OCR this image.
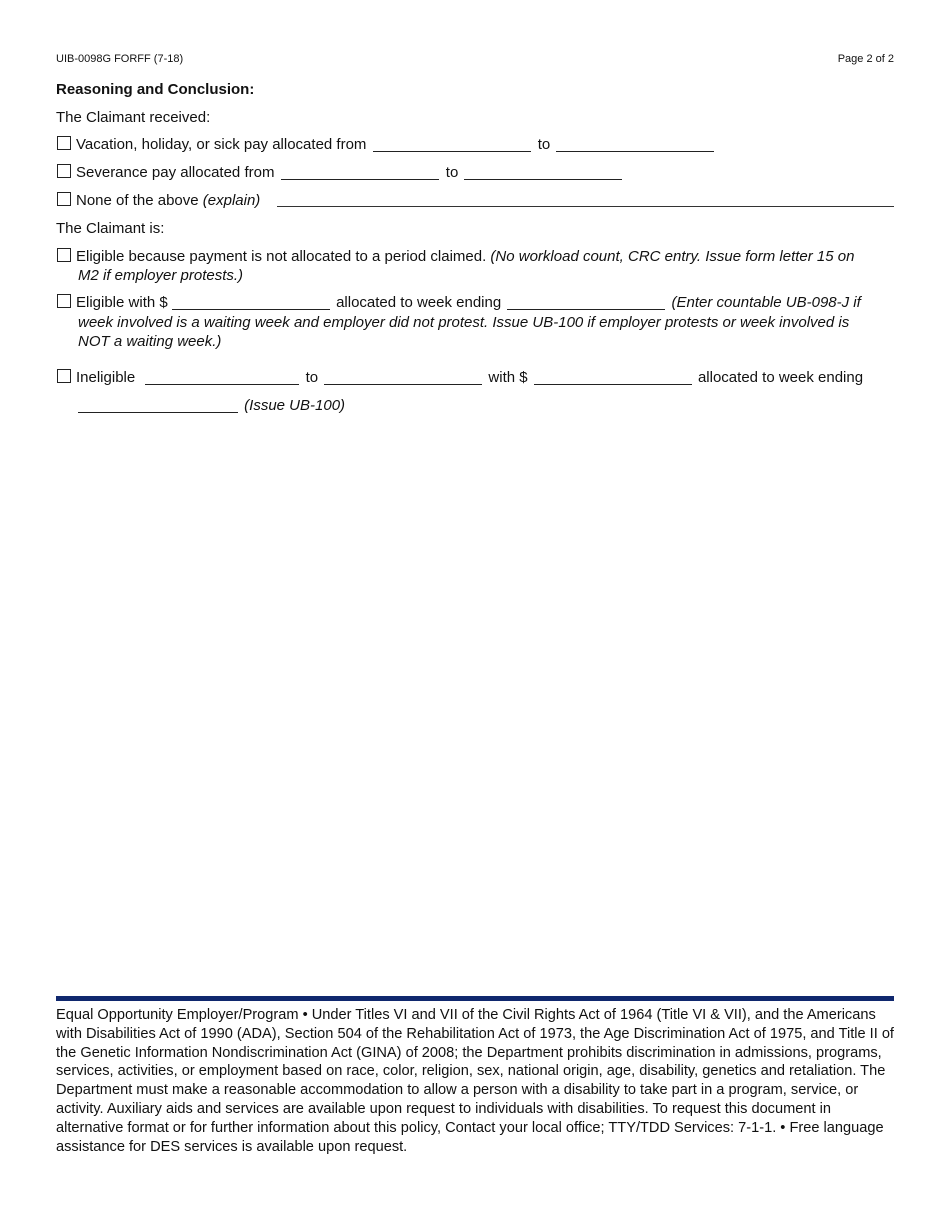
UIB-0098G FORFF (7-18)	Page 2 of 2
Reasoning and Conclusion:
The Claimant received:
Vacation, holiday, or sick pay allocated from	to
Severance pay allocated from	to
None of the above (explain)
The Claimant is:
Eligible because payment is not allocated to a period claimed. (No workload count, CRC entry. Issue form letter 15 on
M2 if employer protests.)
Eligible with $	allocated to week ending	(Enter countable UB-098-J if
week involved is a waiting week and employer did not protest. Issue UB-100 if employer protests or week involved is
NOT a waiting week.)
Ineligible	to	with $	allocated to week ending
(Issue UB-100)
Equal Opportunity Employer/Program • Under Titles VI and VII of the Civil Rights Act of 1964 (Title VI & VII), and the Americans with Disabilities Act of 1990 (ADA), Section 504 of the Rehabilitation Act of 1973, the Age Discrimination Act of 1975, and Title II of the Genetic Information Nondiscrimination Act (GINA) of 2008; the Department prohibits discrimination in admissions, programs, services, activities, or employment based on race, color, religion, sex, national origin, age, disability, genetics and retaliation. The Department must make a reasonable accommodation to allow a person with a disability to take part in a program, service, or activity. Auxiliary aids and services are available upon request to individuals with disabilities. To request this document in alternative format or for further information about this policy, Contact your local office; TTY/TDD Services: 7-1-1. • Free language assistance for DES services is available upon request.
